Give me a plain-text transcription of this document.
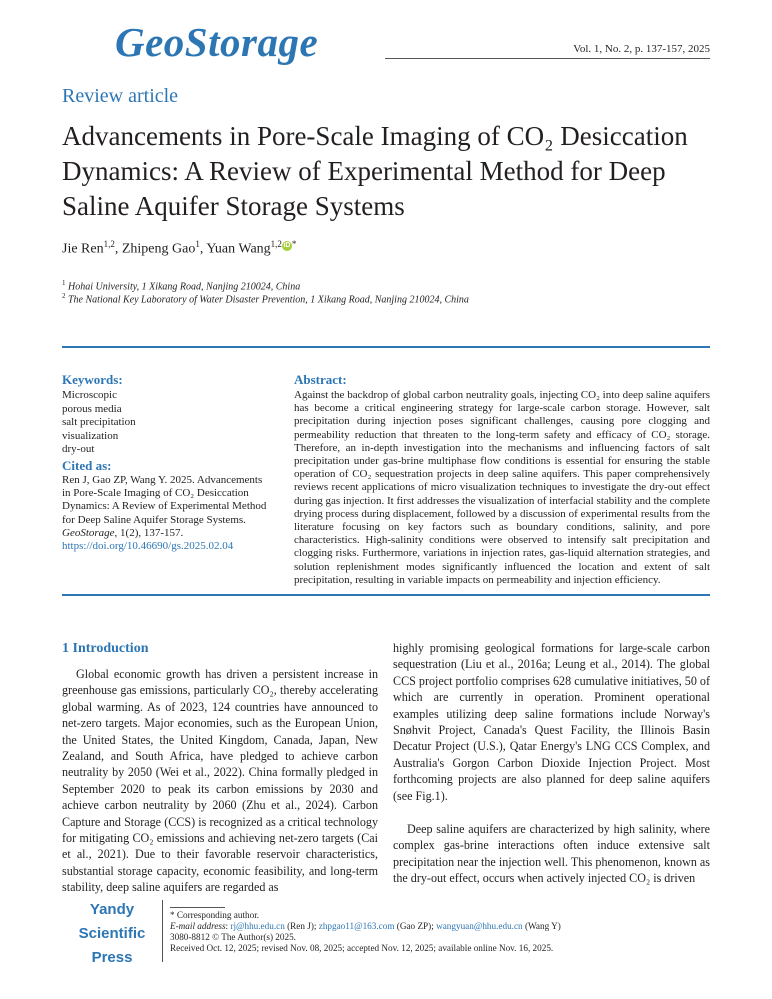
GeoStorage	Vol. 1, No. 2, p. 137-157, 2025
Review article
Advancements in Pore-Scale Imaging of CO₂ Desiccation Dynamics: A Review of Experimental Method for Deep Saline Aquifer Storage Systems
Jie Ren$^{1,2}$, Zhipeng Gao$^1$, Yuan Wang$^{1,2}$ iD *
$^1$ Hohai University, 1 Xikang Road, Nanjing 210024, China
$^2$ The National Key Laboratory of Water Disaster Prevention, 1 Xikang Road, Nanjing 210024, China
Keywords:
Microscopic
porous media
salt precipitation
visualization
dry-out
Cited as:
Ren J, Gao ZP, Wang Y. 2025. Advancements in Pore-Scale Imaging of CO₂ Desiccation Dynamics: A Review of Experimental Method for Deep Saline Aquifer Storage Systems. GeoStorage, 1(2), 137-157.
https://doi.org/10.46690/gs.2025.02.04
Abstract:
Against the backdrop of global carbon neutrality goals, injecting CO₂ into deep saline aquifers has become a critical engineering strategy for large-scale carbon storage. However, salt precipitation during injection poses significant challenges, causing pore clogging and permeability reduction that threaten to the long-term safety and efficacy of CO₂ storage. Therefore, an in-depth investigation into the mechanisms and influencing factors of salt precipitation under gas-brine multiphase flow conditions is essential for ensuring the stable operation of CO₂ sequestration projects in deep saline aquifers. This paper comprehensively reviews recent applications of micro visualization techniques to investigate the dry-out effect during gas injection. It first addresses the visualization of interfacial stability and the complete drying process during displacement, followed by a discussion of experimental results from the literature focusing on key factors such as boundary conditions, salinity, and pore characteristics. High-salinity conditions were observed to intensify salt precipitation and clogging risks. Furthermore, variations in injection rates, gas-liquid alternation strategies, and solution replenishment modes significantly influenced the location and extent of salt precipitation, resulting in variable impacts on permeability and injection efficiency.
1 Introduction
Global economic growth has driven a persistent increase in greenhouse gas emissions, particularly CO₂, thereby accelerating global warming. As of 2023, 124 countries have announced to net-zero targets. Major economies, such as the European Union, the United States, the United Kingdom, Canada, Japan, New Zealand, and South Africa, have pledged to achieve carbon neutrality by 2050 (Wei et al., 2022). China formally pledged in September 2020 to peak its carbon emissions by 2030 and achieve carbon neutrality by 2060 (Zhu et al., 2024). Carbon Capture and Storage (CCS) is recognized as a critical technology for mitigating CO₂ emissions and achieving net-zero targets (Cai et al., 2021). Due to their favorable reservoir characteristics, substantial storage capacity, economic feasibility, and long-term stability, deep saline aquifers are regarded as
highly promising geological formations for large-scale carbon sequestration (Liu et al., 2016a; Leung et al., 2014). The global CCS project portfolio comprises 628 cumulative initiatives, 50 of which are currently in operation. Prominent operational examples utilizing deep saline formations include Norway's Snøhvit Project, Canada's Quest Facility, the Illinois Basin Decatur Project (U.S.), Qatar Energy's LNG CCS Complex, and Australia's Gorgon Carbon Dioxide Injection Project. Most forthcoming projects are also planned for deep saline aquifers (see Fig.1).
Deep saline aquifers are characterized by high salinity, where complex gas-brine interactions often induce extensive salt precipitation near the injection well. This phenomenon, known as the dry-out effect, occurs when actively injected CO₂ is driven
Yandy
Scientific
Press
* Corresponding author.
E-mail address: rj@hhu.edu.cn (Ren J); zhpgao11@163.com (Gao ZP); wangyuan@hhu.edu.cn (Wang Y)
3080-8812 © The Author(s) 2025.
Received Oct. 12, 2025; revised Nov. 08, 2025; accepted Nov. 12, 2025; available online Nov. 16, 2025.
